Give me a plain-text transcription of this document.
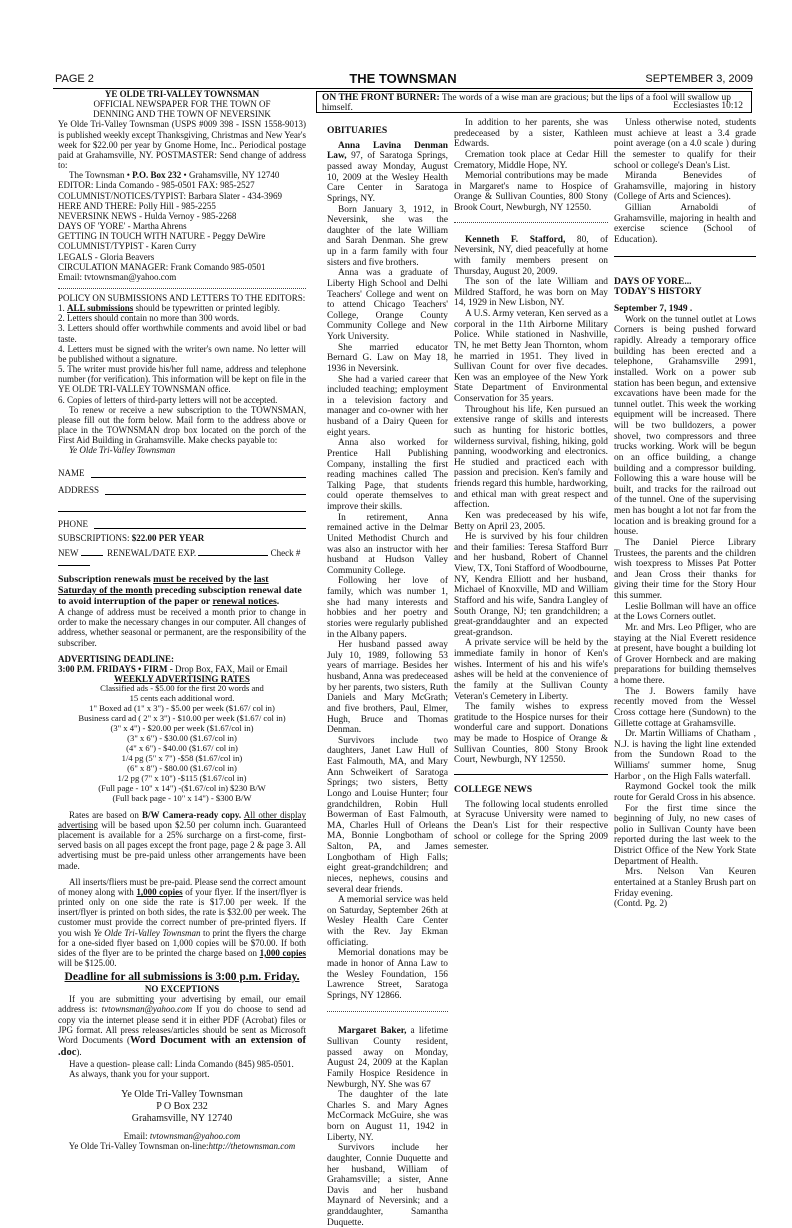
PAGE 2	THE TOWNSMAN	SEPTEMBER 3, 2009
ON THE FRONT BURNER: The words of a wise man are gracious; but the lips of a fool will swallow up himself.	Ecclesiastes 10:12
YE OLDE TRI-VALLEY TOWNSMAN
OFFICIAL NEWSPAPER FOR THE TOWN OF
DENNING AND THE TOWN OF NEVERSINK

Ye Olde Tri-Valley Townsman (USPS #009 398 - ISSN 1558-9013) is published weekly except Thanksgiving, Christmas and New Year's week for $22.00 per year by Gnome Home, Inc.. Periodical postage paid at Grahamsville, NY. POSTMASTER: Send change of address to:

The Townsman • P.O. Box 232 • Grahamsville, NY 12740

EDITOR: Linda Comando - 985-0501 FAX: 985-2527
COLUMNIST/NOTICES/TYPIST: Barbara Slater - 434-3969
HERE AND THERE: Polly Hill - 985-2255
NEVERSINK NEWS - Hulda Vernoy - 985-2268
DAYS OF 'YORE' - Martha Ahrens
GETTING IN TOUCH WITH NATURE - Peggy DeWire
COLUMNIST/TYPIST - Karen Curry
LEGALS - Gloria Beavers
CIRCULATION MANAGER: Frank Comando 985-0501
Email: tvtownsman@yahoo.com
POLICY ON SUBMISSIONS AND LETTERS TO THE EDITORS:
1. ALL submissions should be typewritten or printed legibly.
2. Letters should contain no more than 300 words.
3. Letters should offer worthwhile comments and avoid libel or bad taste.
4. Letters must be signed with the writer's own name. No letter will be published without a signature.
5. The writer must provide his/her full name, address and telephone number (for verification). This information will be kept on file in the YE OLDE TRI-VALLEY TOWNSMAN office.
6. Copies of letters of third-party letters will not be accepted.

To renew or receive a new subscription to the TOWNSMAN, please fill out the form below. Mail form to the address above or place in the TOWNSMAN drop box located on the porch of the First Aid Building in Grahamsville. Make checks payable to:

Ye Olde Tri-Valley Townsman
NAME
ADDRESS
PHONE
SUBSCRIPTIONS: $22.00 PER YEAR
NEW	RENEWAL/DATE EXP.	Check #

Subscription renewals must be received by the last Saturday of the month preceding subsciption renewal date to avoid interruption of the paper or renewal notices.

A change of address must be received a month prior to change in order to make the necessary changes in our computer. All changes of address, whether seasonal or permanent, are the responsibility of the subscriber.

ADVERTISING DEADLINE:
3:00 P.M. FRIDAYS • FIRM - Drop Box, FAX, Mail or Email
WEEKLY ADVERTISING RATES
Classified ads - $5.00 for the first 20 words and
15 cents each additional word.
1" Boxed ad (1" x 3") - $5.00 per week ($1.67/ col in)
Business card ad ( 2" x 3") - $10.00 per week ($1.67/ col in)
(3" x 4") - $20.00 per week ($1.67/col in)
(3" x 6") - $30.00 ($1.67/col in)
(4" x 6") - $40.00 ($1.67/ col in)
1/4 pg (5" x 7") -$58 ($1.67/col in)
(6" x 8") - $80.00 ($1.67/col in)
1/2 pg (7" x 10") -$115 ($1.67/col in)
(Full page - 10" x 14") -($1.67/col in) $230 B/W
(Full back page - 10" x 14") - $300 B/W

Rates are based on B/W Camera-ready copy. All other display advertising will be based upon $2.50 per column inch. Guaranteed placement is available for a 25% surcharge on a first-come, first-served basis on all pages except the front page, page 2 & page 3. All advertising must be pre-paid unless other arrangements have been made.

All inserts/fliers must be pre-paid. Please send the correct amount of money along with 1,000 copies of your flyer. If the insert/flyer is printed only on one side the rate is $17.00 per week. If the insert/flyer is printed on both sides, the rate is $32.00 per week. The customer must provide the correct number of pre-printed flyers. If you wish Ye Olde Tri-Valley Townsman to print the flyers the charge for a one-sided flyer based on 1,000 copies will be $70.00. If both sides of the flyer are to be printed the charge based on 1,000 copies will be $125.00.

Deadline for all submissions is 3:00 p.m. Friday.
NO EXCEPTIONS

If you are submitting your advertising by email, our email address is: tvtownsman@yahoo.com If you do choose to send ad copy via the internet please send it in either PDF (Acrobat) files or JPG format. All press releases/articles should be sent as Microsoft Word Documents (Word Document with an extension of .doc).

Have a question- please call: Linda Comando (845) 985-0501.
As always, thank you for your support.
Ye Olde Tri-Valley Townsman
P O Box 232
Grahamsville, NY 12740
Email: tvtownsman@yahoo.com
Ye Olde Tri-Valley Townsman on-line:http://thetownsman.com
OBITUARIES

Anna Lavina Denman Law, 97, of Saratoga Springs, passed away Monday, August 10, 2009 at the Wesley Health Care Center in Saratoga Springs, NY.

Born January 3, 1912, in Neversink, she was the daughter of the late William and Sarah Denman. She grew up in a farm family with four sisters and five brothers.

Anna was a graduate of Liberty High School and Delhi Teachers' College and went on to attend Chicago Teachers' College, Orange County Community College and New York University.

She married educator Bernard G. Law on May 18, 1936 in Neversink.

She had a varied career that included teaching; employment in a television factory and manager and co-owner with her husband of a Dairy Queen for eight years.

Anna also worked for Prentice Hall Publishing Company, installing the first reading machines called The Talking Page, that students could operate themselves to improve their skills.

In retirement, Anna remained active in the Delmar United Methodist Church and was also an instructor with her husband at Hudson Valley Community College.

Following her love of family, which was number 1, she had many interests and hobbies and her poetry and stories were regularly published in the Albany papers.

Her husband passed away July 10, 1989, following 53 years of marriage. Besides her husband, Anna was predeceased by her parents, two sisters, Ruth Daniels and Mary McGrath; and five brothers, Paul, Elmer, Hugh, Bruce and Thomas Denman.

Survivors include two daughters, Janet Law Hull of East Falmouth, MA, and Mary Ann Schweikert of Saratoga Springs; two sisters, Betty Longo and Louise Hunter; four grandchildren, Robin Hull Bowerman of East Falmouth, MA, Charles Hull of Orleans MA, Bonnie Longbotham of Salton, PA, and James Longbotham of High Falls; eight great-grandchildren; and nieces, nephews, cousins and several dear friends.

A memorial service was held on Saturday, September 26th at Wesley Health Care Center with the Rev. Jay Ekman officiating.

Memorial donations may be made in honor of Anna Law to the Wesley Foundation, 156 Lawrence Street, Saratoga Springs, NY 12866.

Margaret Baker, a lifetime Sullivan County resident, passed away on Monday, August 24, 2009 at the Kaplan Family Hospice Residence in Newburgh, NY. She was 67

The daughter of the late Charles S. and Mary Agnes McCormack McGuire, she was born on August 11, 1942 in Liberty, NY.

Survivors include her daughter, Connie Duquette and her husband, William of Grahamsville; a sister, Anne Davis and her husband Maynard of Neversink; and a granddaughter, Samantha Duquette.

In addition to her parents, she was predeceased by a sister, Kathleen Edwards.

Cremation took place at Cedar Hill Crematory, Middle Hope, NY.

Memorial contributions may be made in Margaret's name to Hospice of Orange & Sullivan Counties, 800 Stony Brook Court, Newburgh, NY 12550.

Kenneth F. Stafford, 80, of Neversink, NY, died peacefully at home with family members present on Thursday, August 20, 2009.

The son of the late William and Mildred Stafford, he was born on May 14, 1929 in New Lisbon, NY.

A U.S. Army veteran, Ken served as a corporal in the 11th Airborne Military Police. While stationed in Nashville, TN, he met Betty Jean Thornton, whom he married in 1951. They lived in Sullivan Count for over five decades. Ken was an employee of the New York State Department of Environmental Conservation for 35 years.

Throughout his life, Ken pursued an extensive range of skills and interests such as hunting for historic bottles, wilderness survival, fishing, hiking, gold panning, woodworking and electronics. He studied and practiced each with passion and precision. Ken's family and friends regard this humble, hardworking, and ethical man with great respect and affection.

Ken was predeceased by his wife, Betty on April 23, 2005.

He is survived by his four children and their families: Teresa Stafford Burr and her husband, Robert of Channel View, TX, Toni Stafford of Woodbourne, NY, Kendra Elliott and her husband, Michael of Knoxville, MD and William Stafford and his wife, Sandra Langley of South Orange, NJ; ten grandchildren; a great-granddaughter and an expected great-grandson.

A private service will be held by the immediate family in honor of Ken's wishes. Interment of his and his wife's ashes will be held at the convenience of the family at the Sullivan County Veteran's Cemetery in Liberty.

The family wishes to express gratitude to the Hospice nurses for their wonderful care and support. Donations may be made to Hospice of Orange & Sullivan Counties, 800 Stony Brook Court, Newburgh, NY 12550.

COLLEGE NEWS

The following local students enrolled at Syracuse University were named to the Dean's List for their respective school or college for the Spring 2009 semester.

Unless otherwise noted, students must achieve at least a 3.4 grade point average (on a 4.0 scale ) during the semester to qualify for their school or college's Dean's List.

Miranda Benevides of Grahamsville, majoring in history (College of Arts and Sciences).

Gillian Arnaboldi of Grahamsville, majoring in health and exercise science (School of Education).

DAYS OF YORE...
TODAY'S HISTORY
September 7, 1949 .

Work on the tunnel outlet at Lows Corners is being pushed forward rapidly. Already a temporary office building has been erected and a telephone, Grahamsville 2991, installed. Work on a power sub station has been begun, and extensive excavations have been made for the tunnel outlet. This week the working equipment will be increased. There will be two bulldozers, a power shovel, two compressors and three trucks working. Work will be begun on an office building, a change building and a compressor building. Following this a ware house will be built, and tracks for the railroad out of the tunnel. One of the supervising men has bought a lot not far from the location and is breaking ground for a house.

The Daniel Pierce Library Trustees, the parents and the children wish toexpress to Misses Pat Potter and Jean Cross their thanks for giving their time for the Story Hour this summer.

Leslie Bollman will have an office at the Lows Corners outlet.

Mr. and Mrs. Leo Pfliger, who are staying at the Nial Everett residence at present, have bought a building lot of Grover Hornbeck and are making preparations for building themselves a home there.

The J. Bowers family have recently moved from the Wessel Cross cottage here (Sundown) to the Gillette cottage at Grahamsville.

Dr. Martin Williams of Chatham , N.J. is having the light line extended from the Sundown Road to the Williams' summer home, Snug Harbor , on the High Falls waterfall.

Raymond Gockel took the milk route for Gerald Cross in his absence.

For the first time since the beginning of July, no new cases of polio in Sullivan County have been reported during the last week to the District Office of the New York State Department of Health.

Mrs. Nelson Van Keuren entertained at a Stanley Brush part on Friday evening.

(Contd. Pg. 2)
